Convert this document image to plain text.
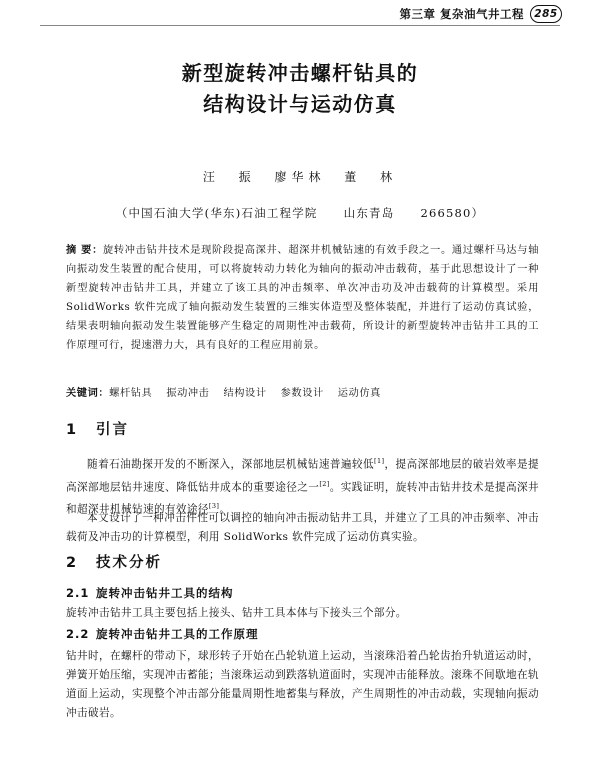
第三章 复杂油气井工程 285
新型旋转冲击螺杆钻具的
结构设计与运动仿真
汪 振 廖华林 董 林
（中国石油大学(华东)石油工程学院 山东青岛 266580）
摘 要：旋转冲击钻井技术是现阶段提高深井、超深井机械钻速的有效手段之一。通过螺杆马达与轴向振动发生装置的配合使用，可以将旋转动力转化为轴向的振动冲击载荷，基于此思想设计了一种新型旋转冲击钻井工具，并建立了该工具的冲击频率、单次冲击功及冲击载荷的计算模型。采用 SolidWorks 软件完成了轴向振动发生装置的三维实体造型及整体装配，并进行了运动仿真试验，结果表明轴向振动发生装置能够产生稳定的周期性冲击载荷，所设计的新型旋转冲击钻井工具的工作原理可行，提速潜力大，具有良好的工程应用前景。
关键词：螺杆钻具 振动冲击 结构设计 参数设计 运动仿真
1 引言
随着石油勘探开发的不断深入，深部地层机械钻速普遍较低[1]，提高深部地层的破岩效率是提高深部地层钻井速度、降低钻井成本的重要途径之一[2]。实践证明，旋转冲击钻井技术是提高深井和超深井机械钻速的有效途径[3]。
本文设计了一种冲击件性可以调控的轴向冲击振动钻井工具，并建立了工具的冲击频率、冲击载荷及冲击功的计算模型，利用 SolidWorks 软件完成了运动仿真实验。
2 技术分析
2.1 旋转冲击钻井工具的结构
旋转冲击钻井工具主要包括上接头、钻井工具本体与下接头三个部分。
2.2 旋转冲击钻井工具的工作原理
钻井时，在螺杆的带动下，球形转子开始在凸轮轨道上运动，当滚珠沿着凸轮齿抬升轨道运动时，弹簧开始压缩，实现冲击蓄能；当滚珠运动到跌落轨道面时，实现冲击能释放。滚珠不间歇地在轨道面上运动，实现整个冲击部分能量周期性地蓄集与释放，产生周期性的冲击动载，实现轴向振动冲击破岩。
